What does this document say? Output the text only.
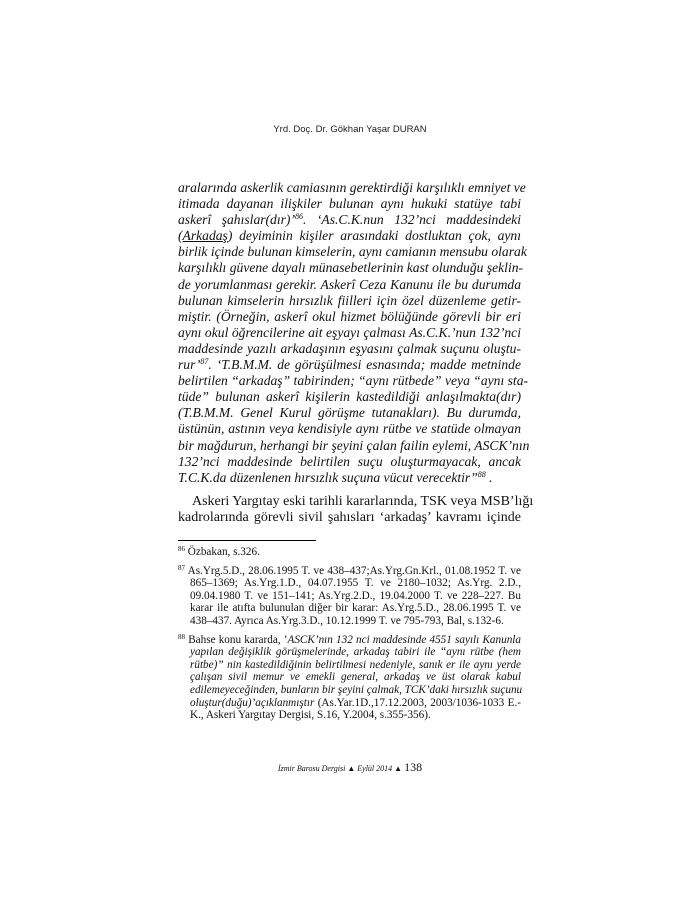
Yrd. Doç. Dr. Gökhan Yaşar DURAN
aralarında askerlik camiasının gerektirdiği karşılıklı emniyet ve
itimada dayanan ilişkiler bulunan aynı hukuki statüye tabi
askerî şahıslar(dır)’$^{86}$. ‘As.C.K.nun 132’nci maddesindeki
(Arkadaş) deyiminin kişiler arasındaki dostluktan çok, aynı
birlik içinde bulunan kimselerin, aynı camianın mensubu olarak
karşılıklı güvene dayalı münasebetlerinin kast olunduğu şeklin-
de yorumlanması gerekir. Askerî Ceza Kanunu ile bu durumda
bulunan kimselerin hırsızlık fiilleri için özel düzenleme getir-
miştir. (Örneğin, askerî okul hizmet bölüğünde görevli bir eri
aynı okul öğrencilerine ait eşyayı çalması As.C.K.’nun 132’nci
maddesinde yazılı arkadaşının eşyasını çalmak suçunu oluştu-
rur’$^{87}$. ‘T.B.M.M. de görüşülmesi esnasında; madde metninde
belirtilen “arkadaş” tabirinden; “aynı rütbede” veya “aynı sta-
tüde” bulunan askerî kişilerin kastedildiği anlaşılmakta(dır)
(T.B.M.M. Genel Kurul görüşme tutanakları). Bu durumda,
üstünün, astının veya kendisiyle aynı rütbe ve statüde olmayan
bir mağdurun, herhangi bir şeyini çalan failin eylemi, ASCK’nın
132’nci maddesinde belirtilen suçu oluşturmayacak, ancak
T.C.K.da düzenlenen hırsızlık suçuna vücut verecektir”$^{88}$ .
Askeri Yargıtay eski tarihli kararlarında, TSK veya MSB’lığı
kadrolarında görevli sivil şahısları ‘arkadaş’ kavramı içinde
$^{86}$ Özbakan, s.326.
$^{87}$ As.Yrg.5.D., 28.06.1995 T. ve 438–437;As.Yrg.Gn.Krl., 01.08.1952 T. ve
865–1369; As.Yrg.1.D., 04.07.1955 T. ve 2180–1032; As.Yrg. 2.D.,
09.04.1980 T. ve 151–141; As.Yrg.2.D., 19.04.2000 T. ve 228–227. Bu
karar ile atıfta bulunulan diğer bir karar: As.Yrg.5.D., 28.06.1995 T. ve
438–437. Ayrıca As.Yrg.3.D., 10.12.1999 T. ve 795-793, Bal, s.132-6.
$^{88}$ Bahse konu kararda, ’ASCK’nın 132 nci maddesinde 4551 sayılı Kanunla
yapılan değişiklik görüşmelerinde, arkadaş tabiri ile “aynı rütbe (hem
rütbe)” nin kastedildiğinin belirtilmesi nedeniyle, sanık er ile aynı yerde
çalışan sivil memur ve emekli general, arkadaş ve üst olarak kabul
edilemeyeceğinden, bunların bir şeyini çalmak, TCK’daki hırsızlık suçunu
oluştur(duğu)’açıklanmıştır (As.Yar.1D.,17.12.2003, 2003/1036-1033 E.-
K., Askeri Yargıtay Dergisi, S.16, Y.2004, s.355-356).
İzmir Barosu Dergisi ▲ Eylül 2014 ▲ 138
